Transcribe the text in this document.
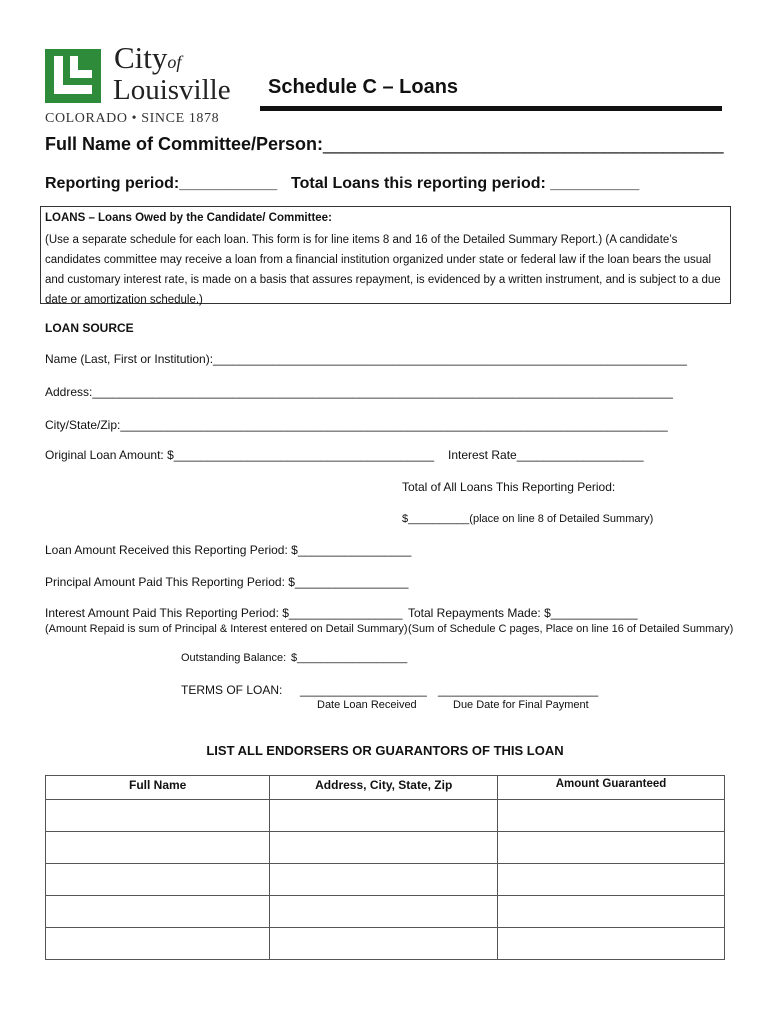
Cityof
Louisville
COLORADO • SINCE 1878
Schedule C – Loans
Full Name of Committee/Person:________________________________________
Reporting period:___________ Total Loans this reporting period: __________
LOANS – Loans Owed by the Candidate/ Committee:
(Use a separate schedule for each loan. This form is for line items 8 and 16 of the Detailed Summary Report.) (A candidate’s candidates committee may receive a loan from a financial institution organized under state or federal law if the loan bears the usual and customary interest rate, is made on a basis that assures repayment, is evidenced by a written instrument, and is subject to a due date or amortization schedule.)
LOAN SOURCE
Name (Last, First or Institution):_______________________________________________________________________
Address:_______________________________________________________________________________________
City/State/Zip:__________________________________________________________________________________
Original Loan Amount: $_______________________________________ Interest Rate___________________
Total of All Loans This Reporting Period:
$__________(place on line 8 of Detailed Summary)
Loan Amount Received this Reporting Period: $_________________
Principal Amount Paid This Reporting Period: $_________________
Interest Amount Paid This Reporting Period: $_________________
(Amount Repaid is sum of Principal & Interest entered on Detail Summary)
Total Repayments Made: $_____________
(Sum of Schedule C pages, Place on line 16 of Detailed Summary)
Outstanding Balance: $__________________
TERMS OF LOAN: ___________________ ________________________
Date Loan Received	Due Date for Final Payment
LIST ALL ENDORSERS OR GUARANTORS OF THIS LOAN
Full Name	Address, City, State, Zip	Amount Guaranteed
